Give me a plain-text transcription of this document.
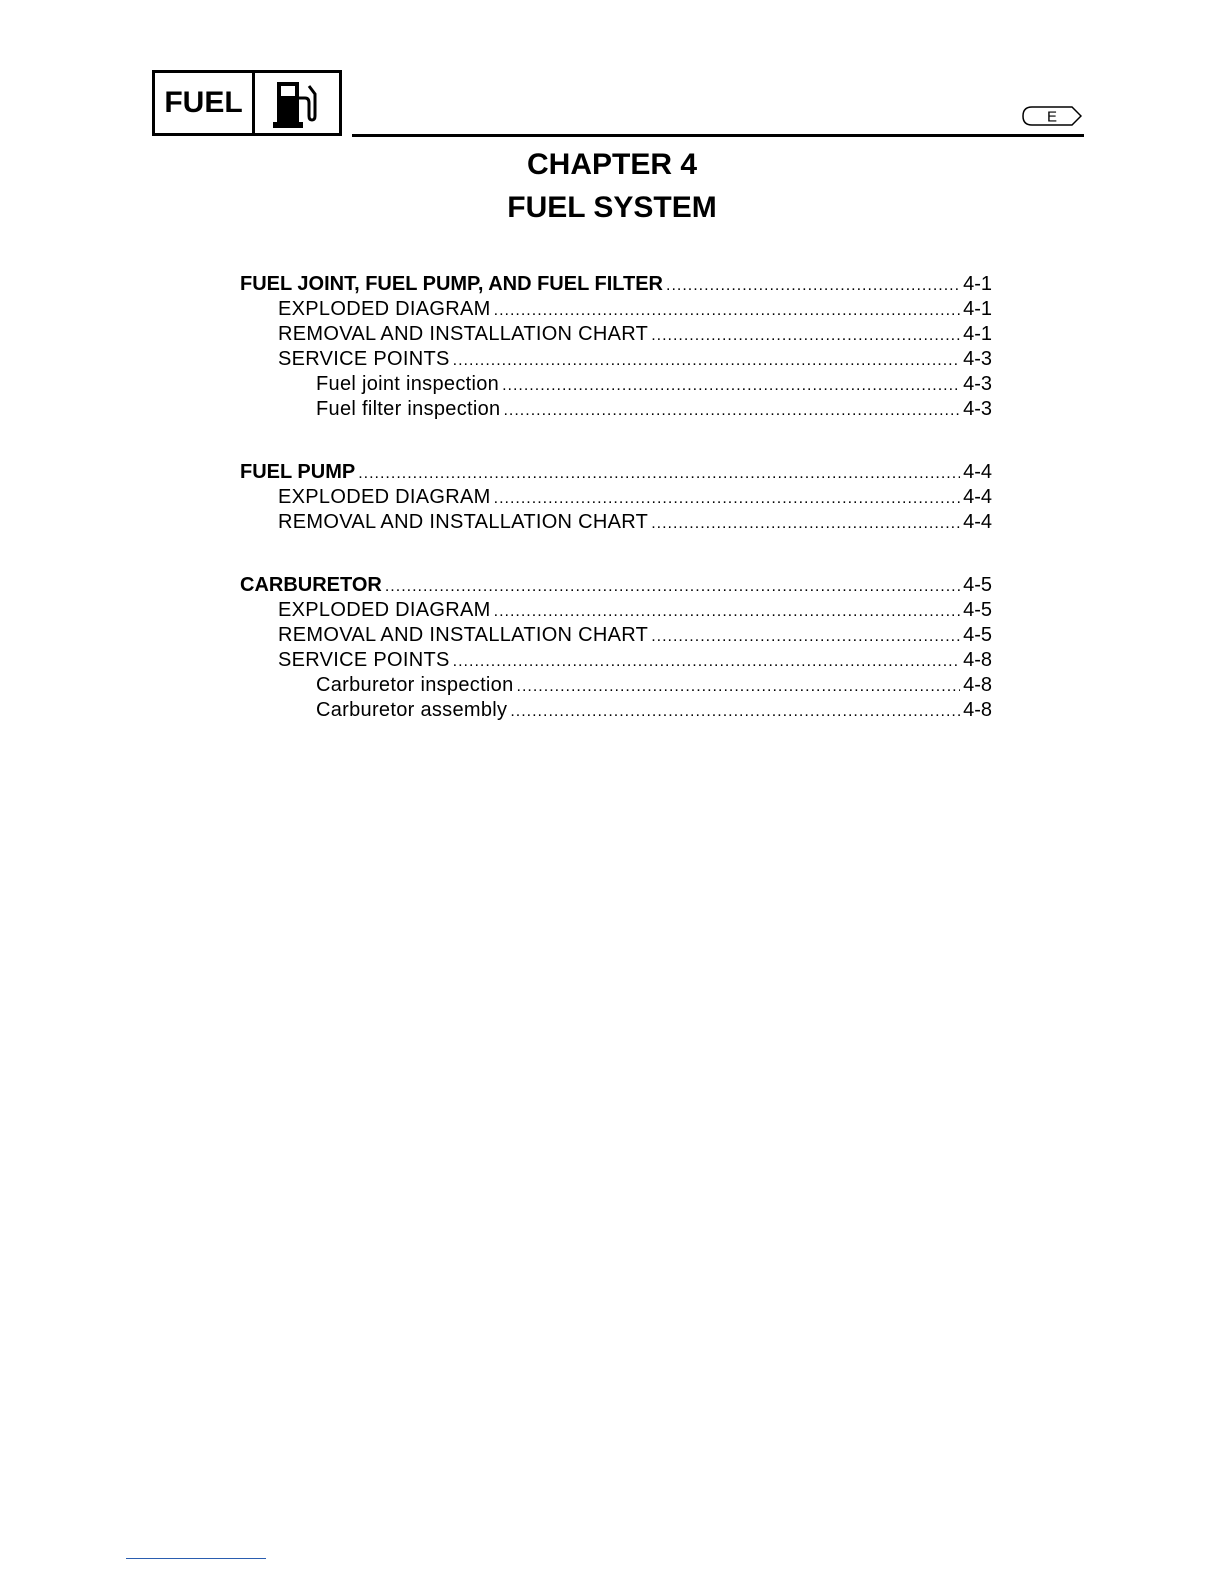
FUEL	E
CHAPTER 4
FUEL SYSTEM
FUEL JOINT, FUEL PUMP, AND FUEL FILTER .....	4-1
EXPLODED DIAGRAM .....	4-1
REMOVAL AND INSTALLATION CHART .....	4-1
SERVICE POINTS .....	4-3
Fuel joint inspection .....	4-3
Fuel filter inspection .....	4-3
FUEL PUMP .....	4-4
EXPLODED DIAGRAM .....	4-4
REMOVAL AND INSTALLATION CHART .....	4-4
CARBURETOR .....	4-5
EXPLODED DIAGRAM .....	4-5
REMOVAL AND INSTALLATION CHART .....	4-5
SERVICE POINTS .....	4-8
Carburetor inspection .....	4-8
Carburetor assembly .....	4-8
